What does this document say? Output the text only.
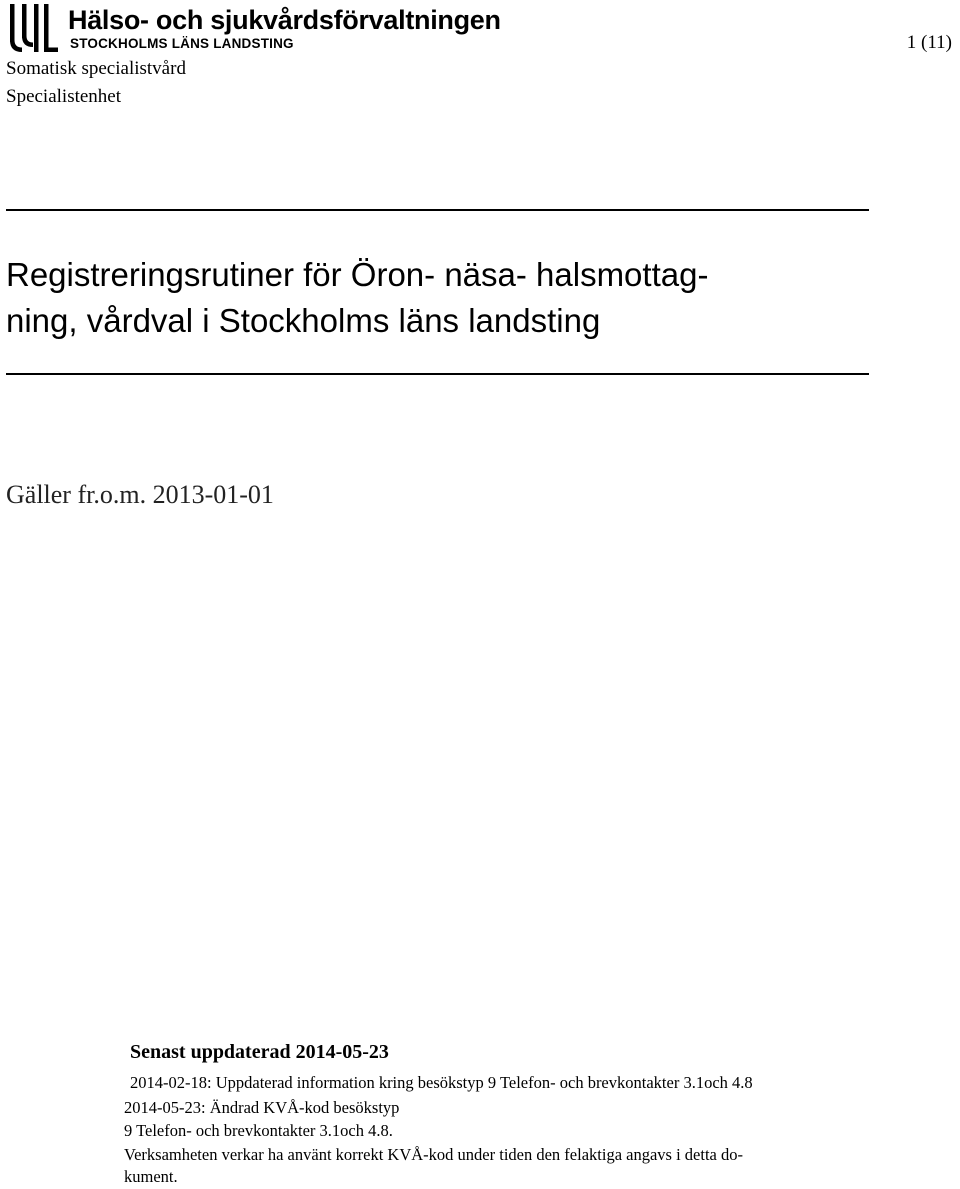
Hälso- och sjukvårdsförvaltningen
STOCKHOLMS LÄNS LANDSTING	1 (11)
Somatisk specialistvård
Specialistenhet
Registreringsrutiner för Öron- näsa- halsmottag-
ning, vårdval i Stockholms läns landsting
Gäller fr.o.m. 2013-01-01
Senast uppdaterad 2014-05-23
2014-02-18: Uppdaterad information kring besökstyp 9 Telefon- och brevkontakter 3.1och 4.8
2014-05-23: Ändrad KVÅ-kod besökstyp
9 Telefon- och brevkontakter 3.1och 4.8.
Verksamheten verkar ha använt korrekt KVÅ-kod under tiden den felaktiga angavs i detta do-
kument.
